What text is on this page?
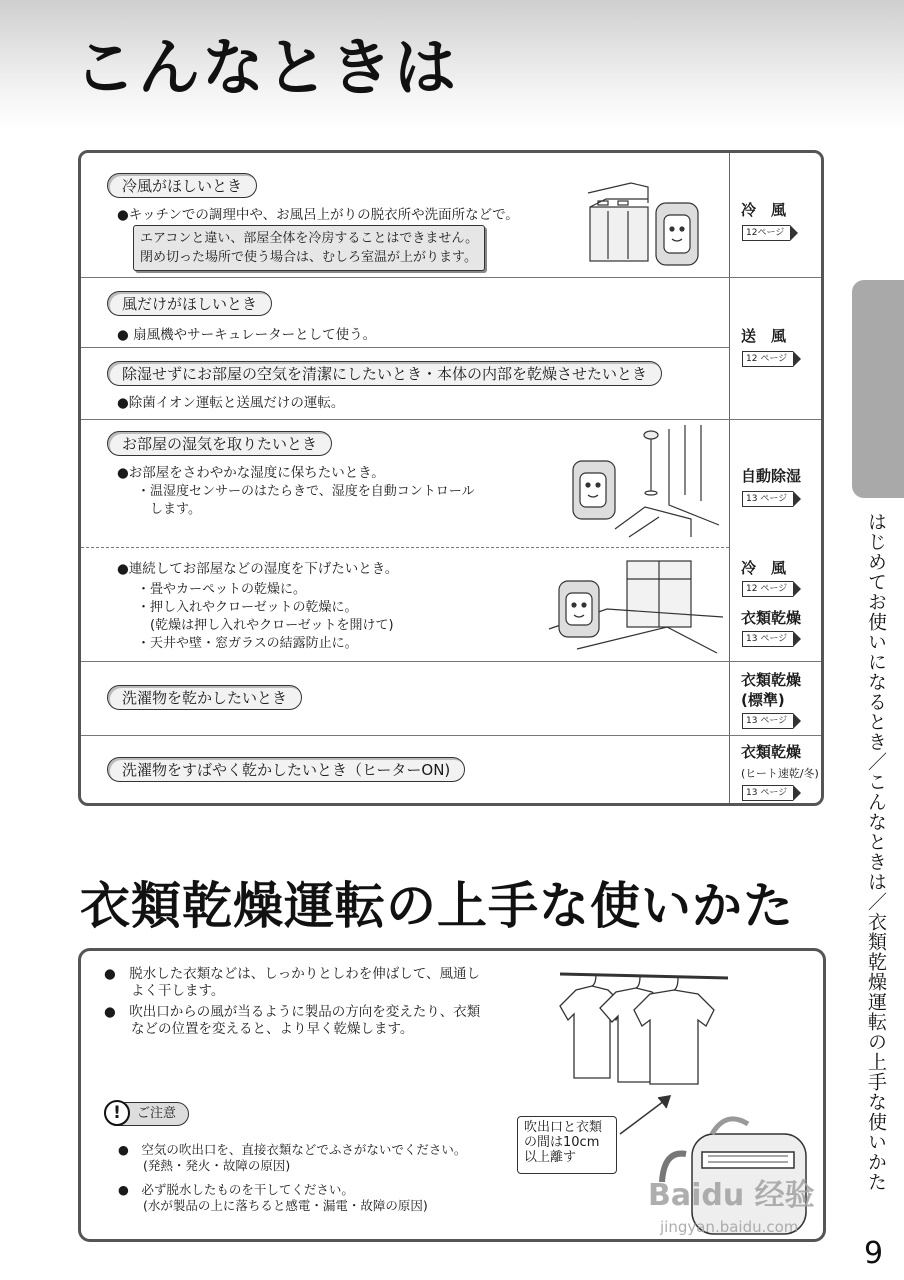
こんなときは
冷風がほしいとき
●キッチンでの調理中や、お風呂上がりの脱衣所や洗面所などで。
エアコンと違い、部屋全体を冷房することはできません。
閉め切った場所で使う場合は、むしろ室温が上がります。
風だけがほしいとき
● 扇風機やサーキュレーターとして使う。
除湿せずにお部屋の空気を清潔にしたいとき・本体の内部を乾燥させたいとき
●除菌イオン運転と送風だけの運転。
お部屋の湿気を取りたいとき
●お部屋をさわやかな湿度に保ちたいとき。
・温湿度センサーのはたらきで、湿度を自動コントロール
　します。
●連続してお部屋などの湿度を下げたいとき。
・畳やカーペットの乾燥に。
・押し入れやクローゼットの乾燥に。
　(乾燥は押し入れやクローゼットを開けて)
・天井や壁・窓ガラスの結露防止に。
洗濯物を乾かしたいとき
洗濯物をすばやく乾かしたいとき（ヒーターON)
冷　風
12ページ
送　風
12 ページ
自動除湿
13 ページ
冷　風
12 ページ
衣類乾燥
13 ページ
衣類乾燥
(標準)
13 ページ
衣類乾燥
(ヒート速乾/冬)
13 ページ	はじめてお使いになるとき／こんなときは／衣類乾燥運転の上手な使いかた
衣類乾燥運転の上手な使いかた
●　脱水した衣類などは、しっかりとしわを伸ばして、風通し
　　よく干します。
●　吹出口からの風が当るように製品の方向を変えたり、衣類
　　などの位置を変えると、より早く乾燥します。
ご注意
!
●　空気の吹出口を、直接衣類などでふさがないでください。
　　(発熱・発火・故障の原因)
●　必ず脱水したものを干してください。
　　(水が製品の上に落ちると感電・漏電・故障の原因)
吹出口と衣類
の間は10cm
以上離す
Baidu 经验
jingyan.baidu.com
9
